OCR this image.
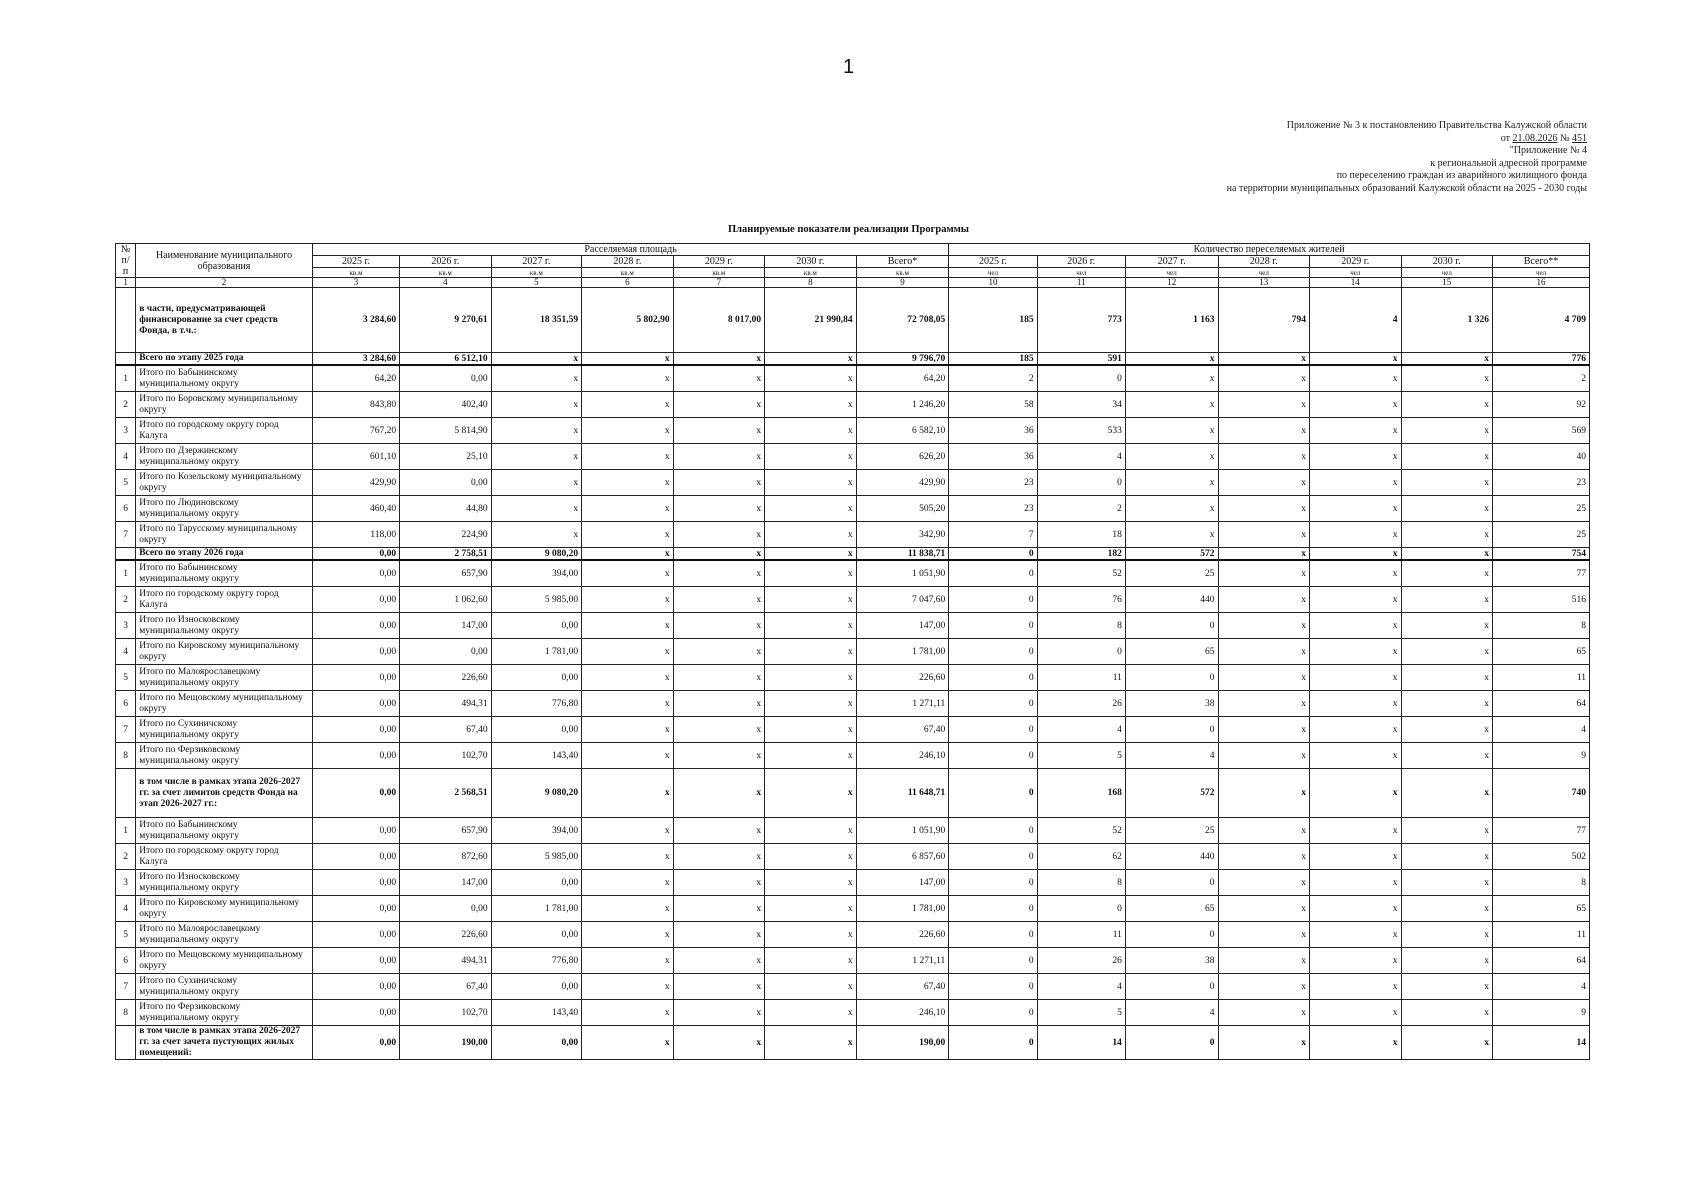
1
Приложение № 3 к постановлению Правительства Калужской области
от 21.08.2026 № 451
"Приложение № 4
к региональной адресной программе
по переселению граждан из аварийного жилищного фонда
на территории муниципальных образований Калужской области на 2025 - 2030 годы
Планируемые показатели реализации Программы
№ п/п	Наименование муниципального образования	Расселяемая площадь							Количество переселяемых жителей						
		2025 г.	2026 г.	2027 г.	2028 г.	2029 г.	2030 г.	Всего*	2025 г.	2026 г.	2027 г.	2028 г.	2029 г.	2030 г.	Всего**
		кв.м	кв.м	кв.м	кв.м	кв.м	кв.м	кв.м	чел	чел	чел	чел	чел	чел	чел
1	2	3	4	5	6	7	8	9	10	11	12	13	14	15	16
	в части, предусматривающей финансирование за счет средств Фонда, в т.ч.:	3 284,60	9 270,61	18 351,59	5 802,90	8 017,00	21 990,84	72 708,05	185	773	1 163	794	4	1 326	4 709
	Всего по этапу 2025 года	3 284,60	6 512,10	x	x	x	x	9 796,70	185	591	x	x	x	x	776
1	Итого по Бабынинскому муниципальному округу	64,20	0,00	x	x	x	x	64,20	2	0	x	x	x	x	2
2	Итого по Боровскому муниципальному округу	843,80	402,40	x	x	x	x	1 246,20	58	34	x	x	x	x	92
3	Итого по городскому округу город Калуга	767,20	5 814,90	x	x	x	x	6 582,10	36	533	x	x	x	x	569
4	Итого по Дзержинскому муниципальному округу	601,10	25,10	x	x	x	x	626,20	36	4	x	x	x	x	40
5	Итого по Козельскому муниципальному округу	429,90	0,00	x	x	x	x	429,90	23	0	x	x	x	x	23
6	Итого по Людиновскому муниципальному округу	460,40	44,80	x	x	x	x	505,20	23	2	x	x	x	x	25
7	Итого по Тарусскому муниципальному округу	118,00	224,90	x	x	x	x	342,90	7	18	x	x	x	x	25
	Всего по этапу 2026 года	0,00	2 758,51	9 080,20	x	x	x	11 838,71	0	182	572	x	x	x	754
1	Итого по Бабынинскому муниципальному округу	0,00	657,90	394,00	x	x	x	1 051,90	0	52	25	x	x	x	77
2	Итого по городскому округу город Калуга	0,00	1 062,60	5 985,00	x	x	x	7 047,60	0	76	440	x	x	x	516
3	Итого по Износковскому муниципальному округу	0,00	147,00	0,00	x	x	x	147,00	0	8	0	x	x	x	8
4	Итого по Кировскому муниципальному округу	0,00	0,00	1 781,00	x	x	x	1 781,00	0	0	65	x	x	x	65
5	Итого по Малоярославецкому муниципальному округу	0,00	226,60	0,00	x	x	x	226,60	0	11	0	x	x	x	11
6	Итого по Мещовскому муниципальному округу	0,00	494,31	776,80	x	x	x	1 271,11	0	26	38	x	x	x	64
7	Итого по Сухиничскому муниципальному округу	0,00	67,40	0,00	x	x	x	67,40	0	4	0	x	x	x	4
8	Итого по Ферзиковскому муниципальному округу	0,00	102,70	143,40	x	x	x	246,10	0	5	4	x	x	x	9
	в том числе в рамках этапа 2026-2027 гг. за счет лимитов средств Фонда на этап 2026-2027 гг.:	0,00	2 568,51	9 080,20	x	x	x	11 648,71	0	168	572	x	x	x	740
1	Итого по Бабынинскому муниципальному округу	0,00	657,90	394,00	x	x	x	1 051,90	0	52	25	x	x	x	77
2	Итого по городскому округу город Калуга	0,00	872,60	5 985,00	x	x	x	6 857,60	0	62	440	x	x	x	502
3	Итого по Износковскому муниципальному округу	0,00	147,00	0,00	x	x	x	147,00	0	8	0	x	x	x	8
4	Итого по Кировскому муниципальному округу	0,00	0,00	1 781,00	x	x	x	1 781,00	0	0	65	x	x	x	65
5	Итого по Малоярославецкому муниципальному округу	0,00	226,60	0,00	x	x	x	226,60	0	11	0	x	x	x	11
6	Итого по Мещовскому муниципальному округу	0,00	494,31	776,80	x	x	x	1 271,11	0	26	38	x	x	x	64
7	Итого по Сухиничскому муниципальному округу	0,00	67,40	0,00	x	x	x	67,40	0	4	0	x	x	x	4
8	Итого по Ферзиковскому муниципальному округу	0,00	102,70	143,40	x	x	x	246,10	0	5	4	x	x	x	9
	в том числе в рамках этапа 2026-2027 гг. за счет зачета пустующих жилых помещений:	0,00	190,00	0,00	x	x	x	190,00	0	14	0	x	x	x	14
